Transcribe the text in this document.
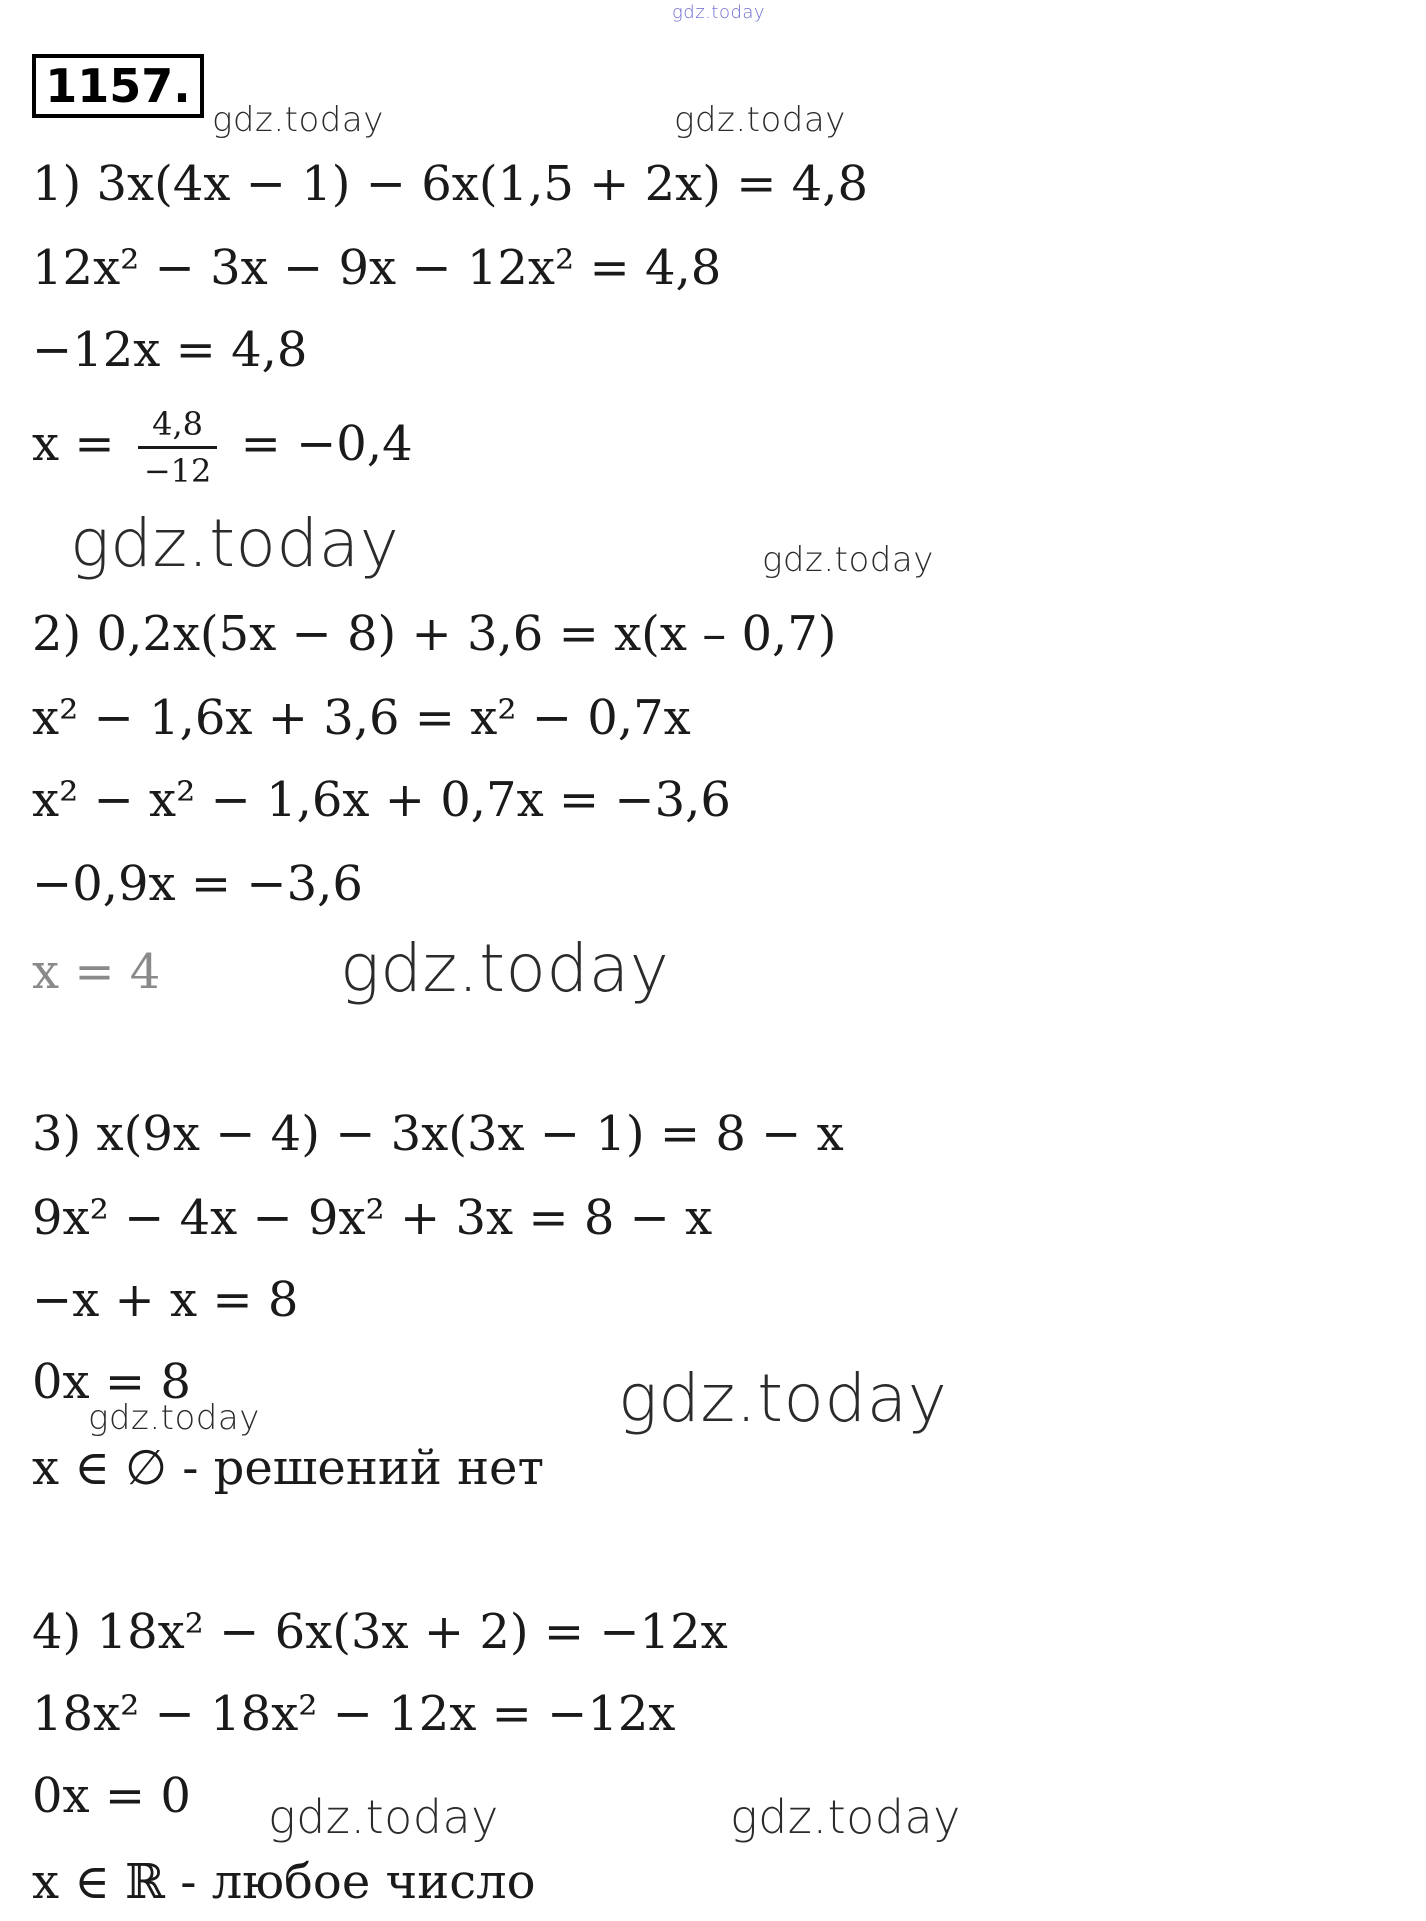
gdz.today
gdz.today	gdz.today
gdz.today	gdz.today
gdz.today
gdz.today
gdz.today
gdz.today	gdz.today
1157.
1) 3x(4x − 1) − 6x(1,5 + 2x) = 4,8
12x² − 3x − 9x − 12x² = 4,8
−12x = 4,8
$x = \frac{4,8}{-12} = -0,4$
2) 0,2x(5x − 8) + 3,6 = x(x – 0,7)
x² − 1,6x + 3,6 = x² − 0,7x
x² − x² − 1,6x + 0,7x = −3,6
−0,9x = −3,6
x = 4
3) x(9x − 4) − 3x(3x − 1) = 8 − x
9x² − 4x − 9x² + 3x = 8 − x
−x + x = 8
0x = 8
x ∈ ∅ - решений нет
4) 18x² − 6x(3x + 2) = −12x
18x² − 18x² − 12x = −12x
0x = 0
x ∈ ℝ - любое число
